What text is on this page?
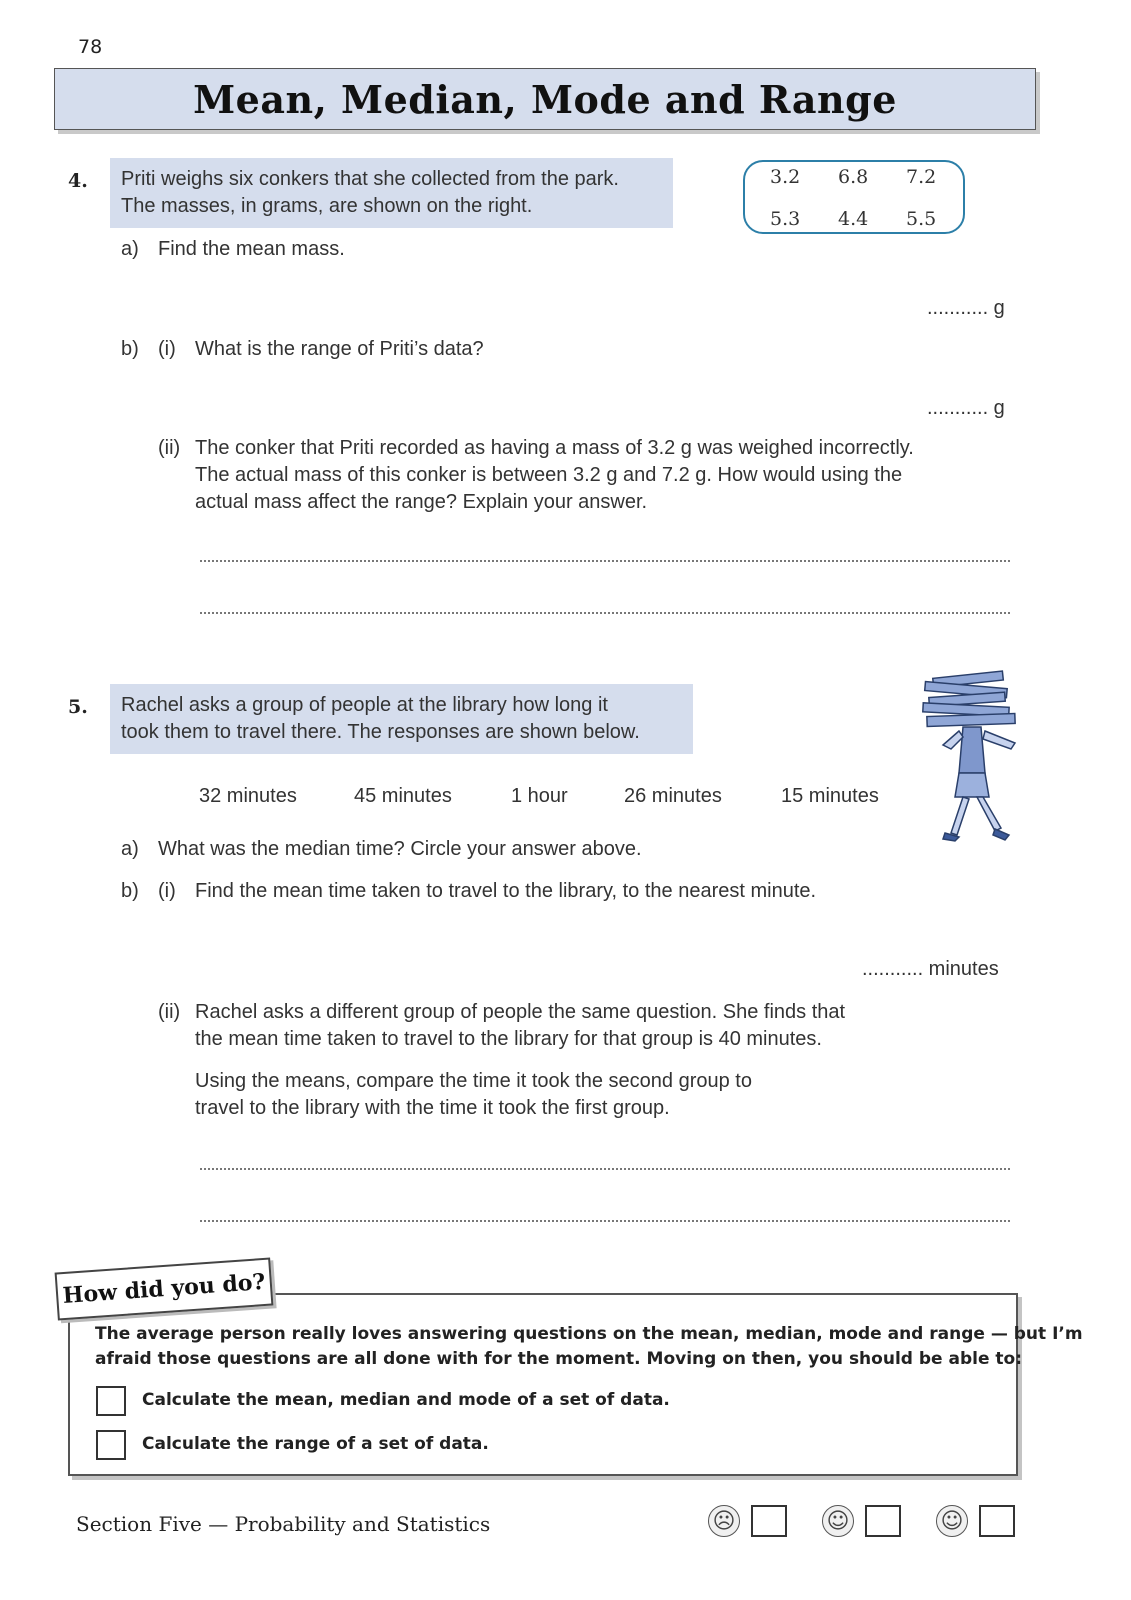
78
Mean, Median, Mode and Range
4. Priti weighs six conkers that she collected from the park.
The masses, in grams, are shown on the right.
3.2 6.8 7.2
5.3 4.4 5.5
a) Find the mean mass.
........... g
b) (i) What is the range of Priti’s data?
........... g
(ii) The conker that Priti recorded as having a mass of 3.2 g was weighed incorrectly.
The actual mass of this conker is between 3.2 g and 7.2 g. How would using the
actual mass affect the range? Explain your answer.
5. Rachel asks a group of people at the library how long it
took them to travel there. The responses are shown below.
32 minutes	45 minutes	1 hour	26 minutes	15 minutes
a) What was the median time? Circle your answer above.
b) (i) Find the mean time taken to travel to the library, to the nearest minute.
........... minutes
(ii) Rachel asks a different group of people the same question. She finds that
the mean time taken to travel to the library for that group is 40 minutes.
Using the means, compare the time it took the second group to
travel to the library with the time it took the first group.
How did you do?
The average person really loves answering questions on the mean, median, mode and range — but I’m
afraid those questions are all done with for the moment. Moving on then, you should be able to:
Calculate the mean, median and mode of a set of data.
Calculate the range of a set of data.
Section Five — Probability and Statistics	☹	☺	☺
